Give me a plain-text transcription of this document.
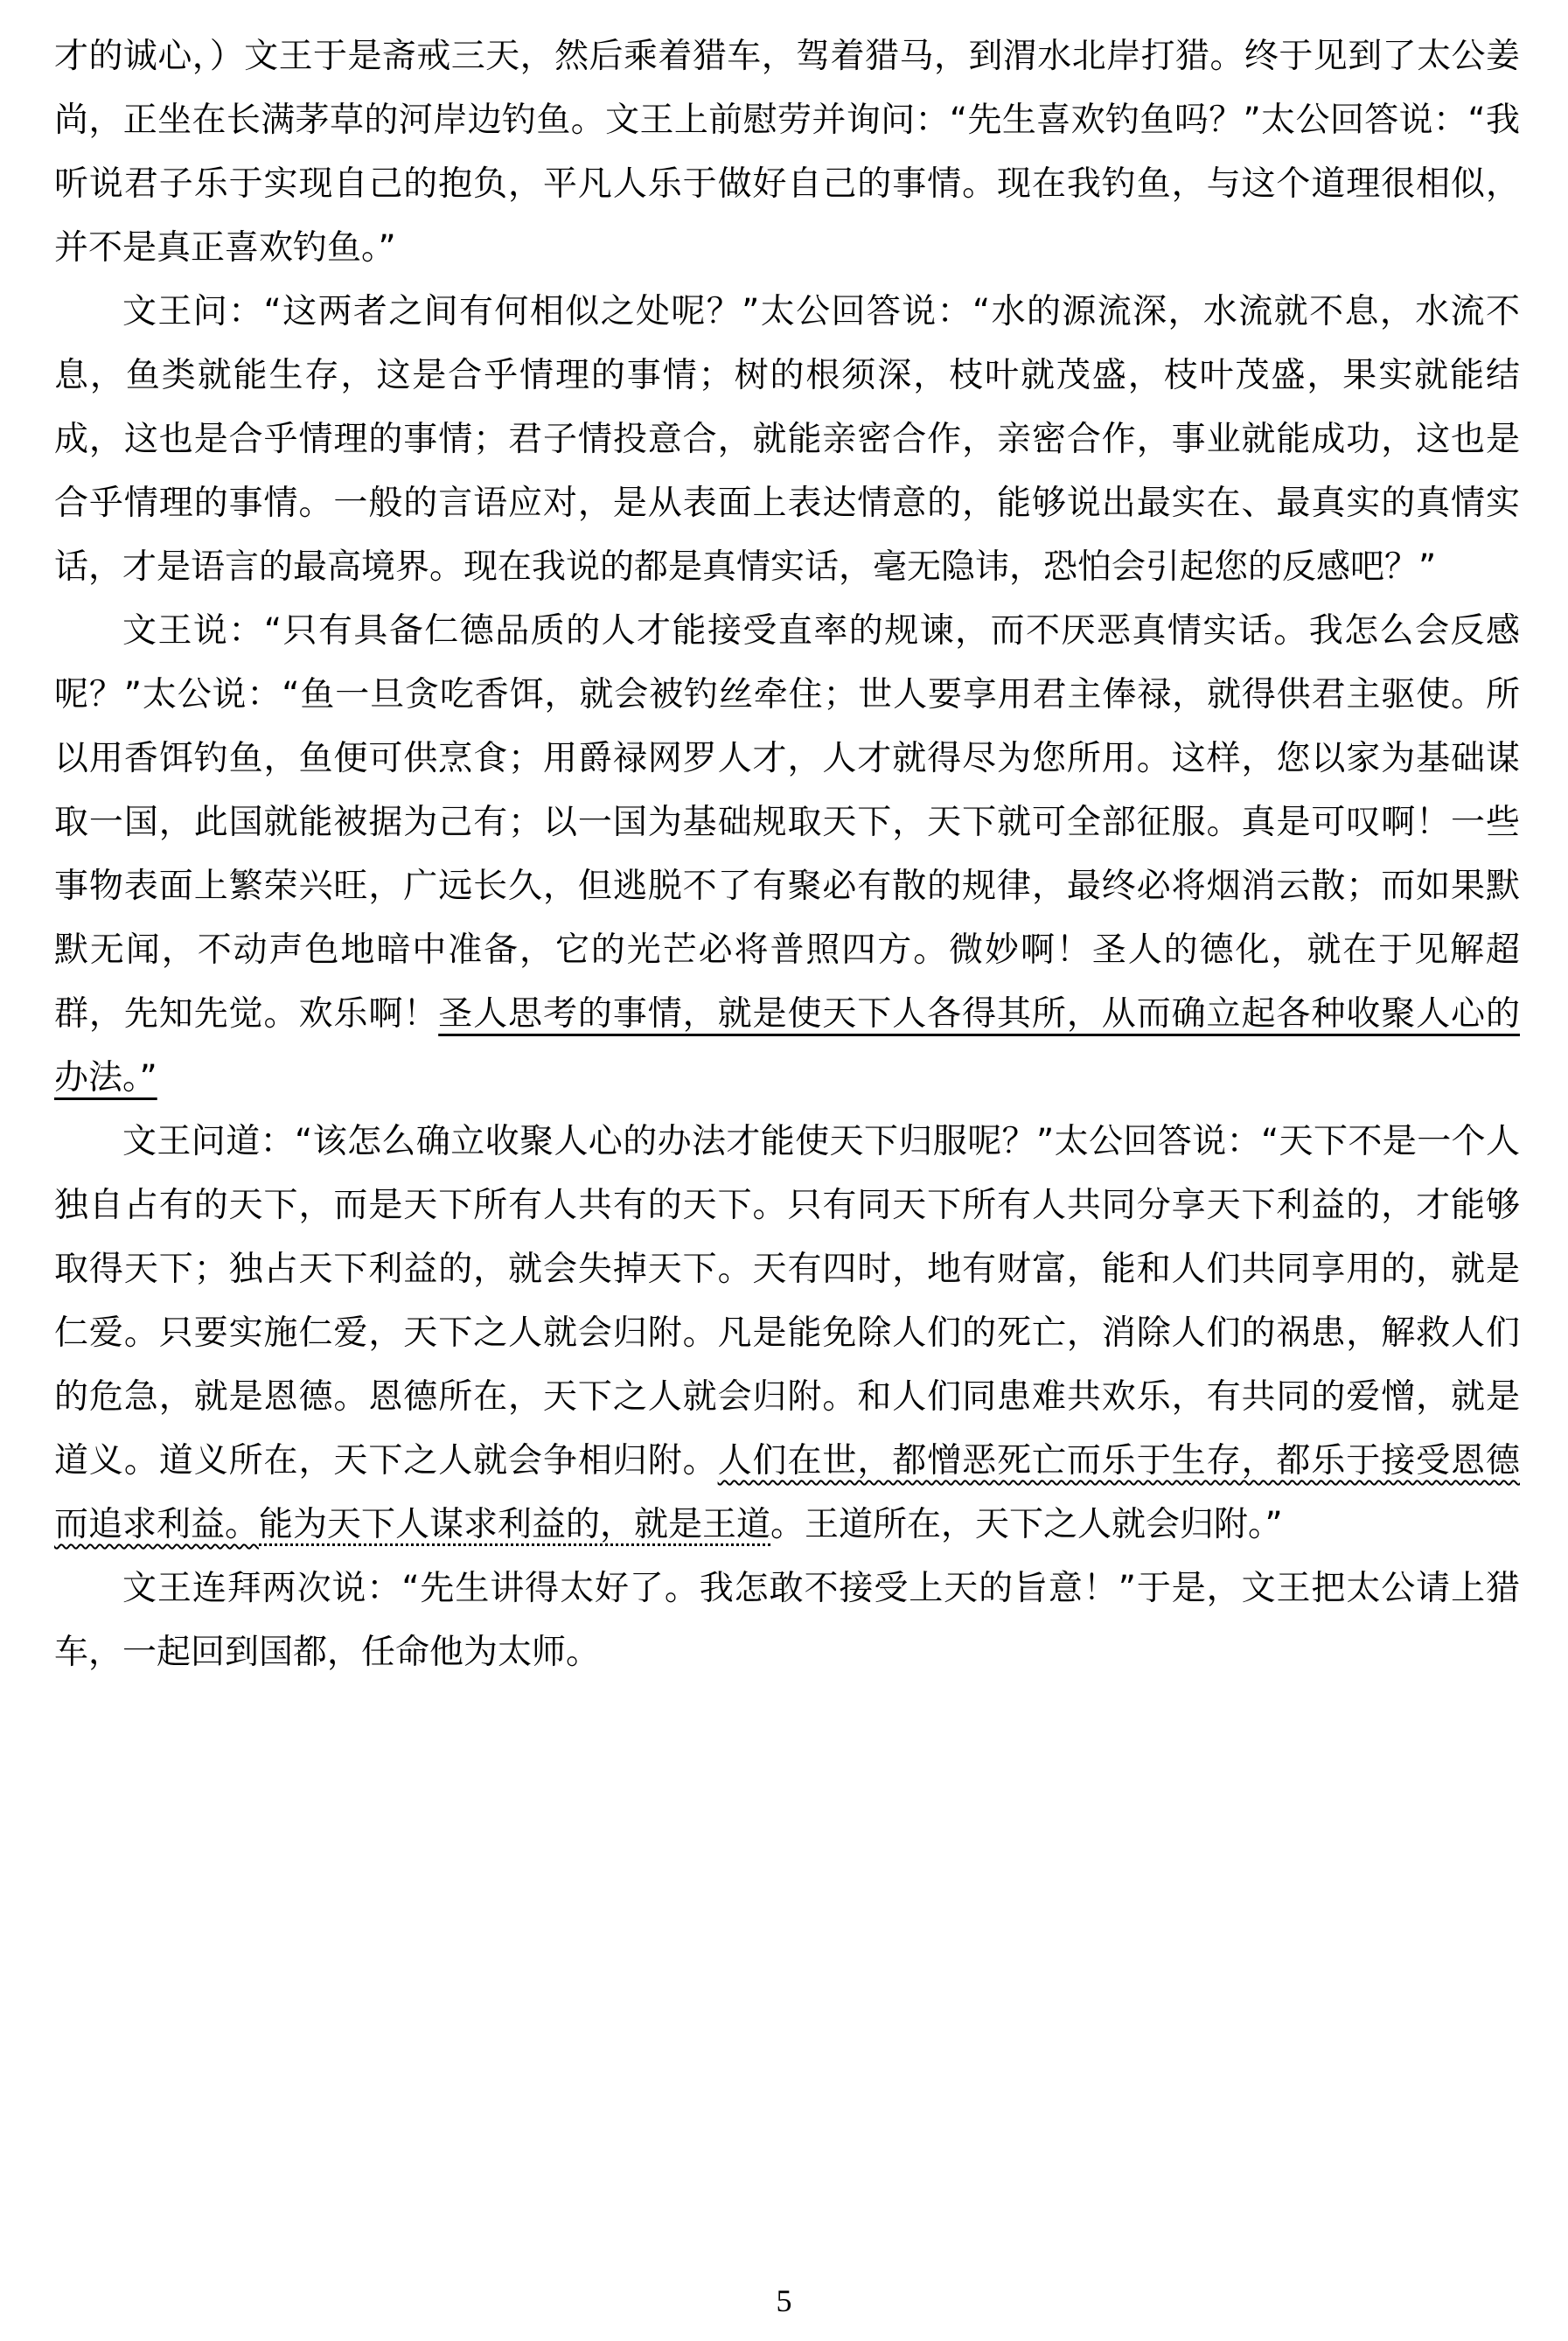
才的诚心，）文王于是斋戒三天，然后乘着猎车，驾着猎马，到渭水北岸打猎。终于见到了太公姜尚，正坐在长满茅草的河岸边钓鱼。文王上前慰劳并询问：“先生喜欢钓鱼吗？”太公回答说：“我听说君子乐于实现自己的抱负，平凡人乐于做好自己的事情。现在我钓鱼，与这个道理很相似，并不是真正喜欢钓鱼。”

文王问：“这两者之间有何相似之处呢？”太公回答说：“水的源流深，水流就不息，水流不息，鱼类就能生存，这是合乎情理的事情；树的根须深，枝叶就茂盛，枝叶茂盛，果实就能结成，这也是合乎情理的事情；君子情投意合，就能亲密合作，亲密合作，事业就能成功，这也是合乎情理的事情。一般的言语应对，是从表面上表达情意的，能够说出最实在、最真实的真情实话，才是语言的最高境界。现在我说的都是真情实话，毫无隐讳，恐怕会引起您的反感吧？”

文王说：“只有具备仁德品质的人才能接受直率的规谏，而不厌恶真情实话。我怎么会反感呢？”太公说：“鱼一旦贪吃香饵，就会被钓丝牵住；世人要享用君主俸禄，就得供君主驱使。所以用香饵钓鱼，鱼便可供烹食；用爵禄网罗人才，人才就得尽为您所用。这样，您以家为基础谋取一国，此国就能被据为己有；以一国为基础规取天下，天下就可全部征服。真是可叹啊！一些事物表面上繁荣兴旺，广远长久，但逃脱不了有聚必有散的规律，最终必将烟消云散；而如果默默无闻，不动声色地暗中准备，它的光芒必将普照四方。微妙啊！圣人的德化，就在于见解超群，先知先觉。欢乐啊！圣人思考的事情，就是使天下人各得其所，从而确立起各种收聚人心的办法。”

文王问道：“该怎么确立收聚人心的办法才能使天下归服呢？”太公回答说：“天下不是一个人独自占有的天下，而是天下所有人共有的天下。只有同天下所有人共同分享天下利益的，才能够取得天下；独占天下利益的，就会失掉天下。天有四时，地有财富，能和人们共同享用的，就是仁爱。只要实施仁爱，天下之人就会归附。凡是能免除人们的死亡，消除人们的祸患，解救人们的危急，就是恩德。恩德所在，天下之人就会归附。和人们同患难共欢乐，有共同的爱憎，就是道义。道义所在，天下之人就会争相归附。人们在世，都憎恶死亡而乐于生存，都乐于接受恩德而追求利益。能为天下人谋求利益的，就是王道。王道所在，天下之人就会归附。”

文王连拜两次说：“先生讲得太好了。我怎敢不接受上天的旨意！”于是，文王把太公请上猎车，一起回到国都，任命他为太师。

5
